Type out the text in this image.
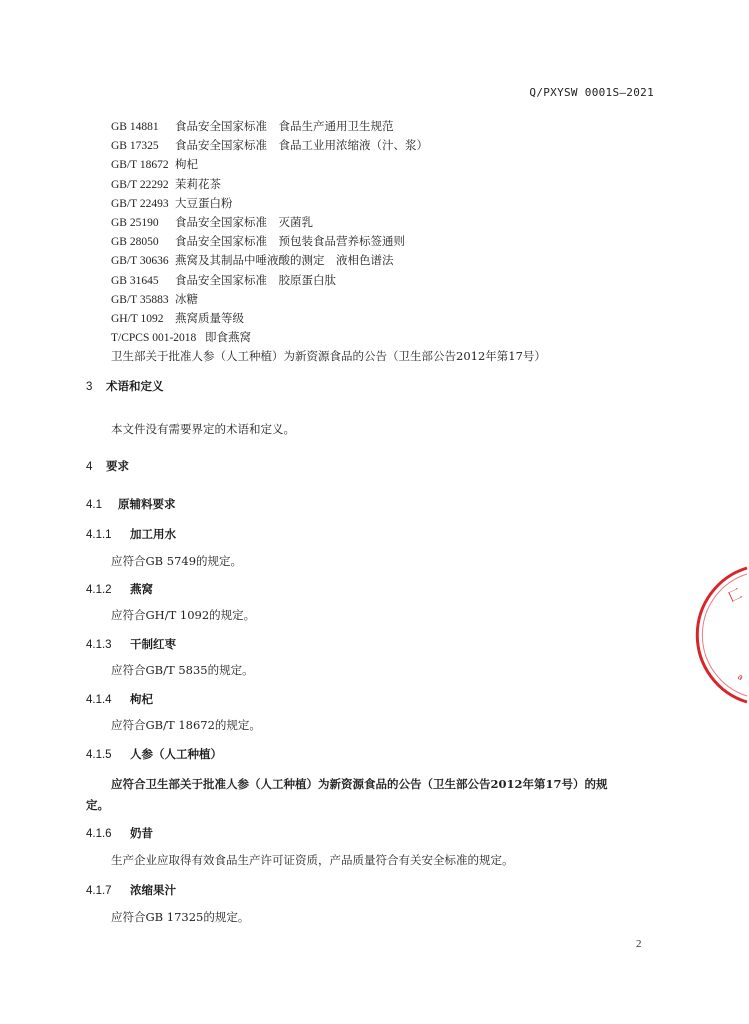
Q/PXYSW 0001S—2021
GB 14881 食品安全国家标准　食品生产通用卫生规范
GB 17325 食品安全国家标准　食品工业用浓缩液（汁、浆）
GB/T 18672 枸杞
GB/T 22292 茉莉花茶
GB/T 22493 大豆蛋白粉
GB 25190 食品安全国家标准　灭菌乳
GB 28050 食品安全国家标准　预包装食品营养标签通则
GB/T 30636 燕窝及其制品中唾液酸的测定　液相色谱法
GB 31645 食品安全国家标准　胶原蛋白肽
GB/T 35883 冰糖
GH/T 1092 燕窝质量等级
T/CPCS 001-2018 即食燕窝
卫生部关于批准人参（人工种植）为新资源食品的公告（卫生部公告2012年第17号）
3 术语和定义
本文件没有需要界定的术语和定义。
4 要求
4.1 原辅料要求
4.1.1 加工用水
应符合GB 5749的规定。
4.1.2 燕窝
应符合GH/T 1092的规定。
4.1.3 干制红枣
应符合GB/T 5835的规定。
4.1.4 枸杞
应符合GB/T 18672的规定。
4.1.5 人参（人工种植）
应符合卫生部关于批准人参（人工种植）为新资源食品的公告（卫生部公告2012年第17号）的规
定。
4.1.6 奶昔
生产企业应取得有效食品生产许可证资质，产品质量符合有关安全标准的规定。
4.1.7 浓缩果汁
应符合GB 17325的规定。
匚
a
2
